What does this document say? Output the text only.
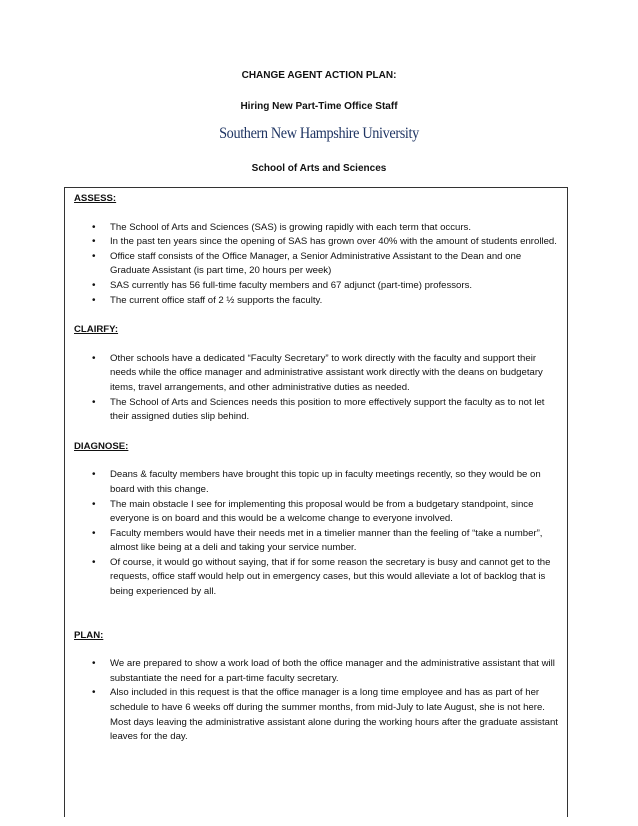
CHANGE AGENT ACTION PLAN:
Hiring New Part-Time Office Staff
Southern New Hampshire University
School of Arts and Sciences
ASSESS:
• The School of Arts and Sciences (SAS) is growing rapidly with each term that occurs.
• In the past ten years since the opening of SAS has grown over 40% with the amount of students enrolled.
• Office staff consists of the Office Manager, a Senior Administrative Assistant to the Dean and one Graduate Assistant (is part time, 20 hours per week)
• SAS currently has 56 full-time faculty members and 67 adjunct (part-time) professors.
• The current office staff of 2 ½ supports the faculty.
CLAIRFY:
• Other schools have a dedicated “Faculty Secretary” to work directly with the faculty and support their needs while the office manager and administrative assistant work directly with the deans on budgetary items, travel arrangements, and other administrative duties as needed.
• The School of Arts and Sciences needs this position to more effectively support the faculty as to not let their assigned duties slip behind.
DIAGNOSE:
• Deans & faculty members have brought this topic up in faculty meetings recently, so they would be on board with this change.
• The main obstacle I see for implementing this proposal would be from a budgetary standpoint, since everyone is on board and this would be a welcome change to everyone involved.
• Faculty members would have their needs met in a timelier manner than the feeling of “take a number”, almost like being at a deli and taking your service number.
• Of course, it would go without saying, that if for some reason the secretary is busy and cannot get to the requests, office staff would help out in emergency cases, but this would alleviate a lot of backlog that is being experienced by all.
PLAN:
• We are prepared to show a work load of both the office manager and the administrative assistant that will substantiate the need for a part-time faculty secretary.
• Also included in this request is that the office manager is a long time employee and has as part of her schedule to have 6 weeks off during the summer months, from mid-July to late August, she is not here. Most days leaving the administrative assistant alone during the working hours after the graduate assistant leaves for the day.
